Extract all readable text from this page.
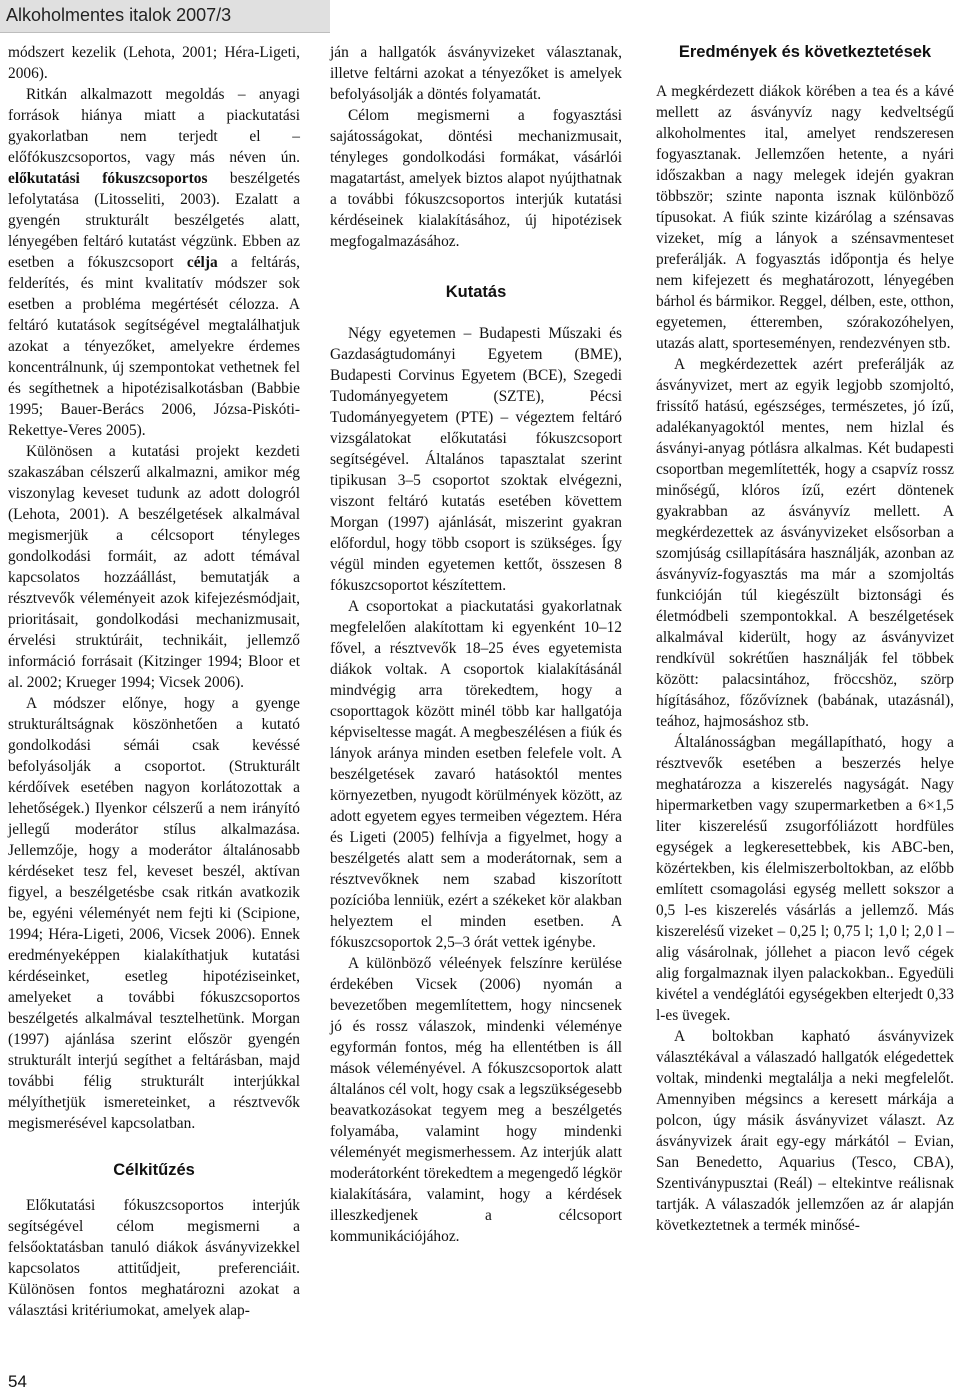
Alkoholmentes italok 2007/3

módszert kezelik (Lehota, 2001; Héra-Ligeti, 2006).

Ritkán alkalmazott megoldás – anyagi források hiánya miatt a piackutatási gyakorlatban nem terjedt el – előfókuszcsoportos, vagy más néven ún. előkutatási fókuszcsoportos beszélgetés lefolytatása (Litosseliti, 2003). Ezalatt a gyengén strukturált beszélgetés alatt, lényegében feltáró kutatást végzünk. Ebben az esetben a fókuszcsoport célja a feltárás, felderítés, és mint kvalitatív módszer sok esetben a probléma megértését célozza. A feltáró kutatások segítségével megtalálhatjuk azokat a tényezőket, amelyekre érdemes koncentrálnunk, új szempontokat vethetnek fel és segíthetnek a hipotézisalkotásban (Babbie 1995; Bauer-Berács 2006, Józsa-Piskóti-Rekettye-Veres 2005).

Különösen a kutatási projekt kezdeti szakaszában célszerű alkalmazni, amikor még viszonylag keveset tudunk az adott dologról (Lehota, 2001). A beszélgetések alkalmával megismerjük a célcsoport tényleges gondolkodási formáit, az adott témával kapcsolatos hozzáállást, bemutatják a résztvevők véleményeit azok kifejezésmódjait, prioritásait, gondolkodási mechanizmusait, érvelési struktúráit, technikáit, jellemző információ forrásait (Kitzinger 1994; Bloor et al. 2002; Krueger 1994; Vicsek 2006).

A módszer előnye, hogy a gyenge strukturáltságnak köszönhetően a kutató gondolkodási sémái csak kevéssé befolyásolják a csoportot. (Strukturált kérdőívek esetében nagyon korlátozottak a lehetőségek.) Ilyenkor célszerű a nem irányító jellegű moderátor stílus alkalmazása. Jellemzője, hogy a moderátor általánosabb kérdéseket tesz fel, keveset beszél, aktívan figyel, a beszélgetésbe csak ritkán avatkozik be, egyéni véleményét nem fejti ki (Scipione, 1994; Héra-Ligeti, 2006, Vicsek 2006). Ennek eredményeképpen kialakíthatjuk kutatási kérdéseinket, esetleg hipotéziseinket, amelyeket a további fókuszcsoportos beszélgetés alkalmával tesztelhetünk. Morgan (1997) ajánlása szerint először gyengén strukturált interjú segíthet a feltárásban, majd további félig strukturált interjúkkal mélyíthetjük ismereteinket, a résztvevők megismerésével kapcsolatban.

Célkitűzés

Előkutatási fókuszcsoportos interjúk segítségével célom megismerni a felsőoktatásban tanuló diákok ásványvizekkel kapcsolatos attitűdjeit, preferenciáit. Különösen fontos meghatározni azokat a választási kritériumokat, amelyek alap-

ján a hallgatók ásványvizeket választanak, illetve feltárni azokat a tényezőket is amelyek befolyásolják a döntés folyamatát.

Célom megismerni a fogyasztási sajátosságokat, döntési mechanizmusait, tényleges gondolkodási formákat, vásárlói magatartást, amelyek biztos alapot nyújthatnak a további fókuszcsoportos interjúk kutatási kérdéseinek kialakításához, új hipotézisek megfogalmazásához.

Kutatás

Négy egyetemen – Budapesti Műszaki és Gazdaságtudományi Egyetem (BME), Budapesti Corvinus Egyetem (BCE), Szegedi Tudományegyetem (SZTE), Pécsi Tudományegyetem (PTE) – végeztem feltáró vizsgálatokat előkutatási fókuszcsoport segítségével. Általános tapasztalat szerint tipikusan 3–5 csoportot szoktak elvégezni, viszont feltáró kutatás esetében követtem Morgan (1997) ajánlását, miszerint gyakran előfordul, hogy több csoport is szükséges. Így végül minden egyetemen kettőt, összesen 8 fókuszcsoportot készítettem.

A csoportokat a piackutatási gyakorlatnak megfelelően alakítottam ki egyenként 10–12 fővel, a résztvevők 18–25 éves egyetemista diákok voltak. A csoportok kialakításánál mindvégig arra törekedtem, hogy a csoporttagok között minél több kar hallgatója képviseltesse magát. A megbeszélésen a fiúk és lányok aránya minden esetben felefele volt. A beszélgetések zavaró hatásoktól mentes környezetben, nyugodt körülmények között, az adott egyetem egyes termeiben végeztem. Héra és Ligeti (2005) felhívja a figyelmet, hogy a beszélgetés alatt sem a moderátornak, sem a résztvevőknek nem szabad kiszorított pozícióba lenniük, ezért a székeket kör alakban helyeztem el minden esetben. A fókuszcsoportok 2,5–3 órát vettek igénybe.

A különböző véleények felszínre kerülése érdekében Vicsek (2006) nyomán a bevezetőben megemlítettem, hogy nincsenek jó és rossz válaszok, mindenki véleménye egyformán fontos, még ha ellentétben is áll mások véleményével. A fókuszcsoportok alatt általános cél volt, hogy csak a legszükségesebb beavatkozásokat tegyem meg a beszélgetés folyamába, valamint hogy mindenki véleményét megismerhessem. Az interjúk alatt moderátorként törekedtem a megengedő légkör kialakítására, valamint, hogy a kérdések illeszkedjenek a célcsoport kommunikációjához.

Eredmények és következtetések

A megkérdezett diákok körében a tea és a kávé mellett az ásványvíz nagy kedveltségű alkoholmentes ital, amelyet rendszeresen fogyasztanak. Jellemzően hetente, a nyári időszakban a nagy melegek idején gyakran többször; szinte naponta isznak különböző típusokat. A fiúk szinte kizárólag a szénsavas vizeket, míg a lányok a szénsavmenteset preferálják. A fogyasztás időpontja és helye nem kifejezett és meghatározott, lényegében bárhol és bármikor. Reggel, délben, este, otthon, egyetemen, étteremben, szórakozóhelyen, utazás alatt, sporteseményen, rendezvényen stb.

A megkérdezettek azért preferálják az ásványvizet, mert az egyik legjobb szomjoltó, frissítő hatású, egészséges, természetes, jó ízű, adalékanyagoktól mentes, nem hizlal és ásványi-anyag pótlásra alkalmas. Két budapesti csoportban megemlítették, hogy a csapvíz rossz minőségű, klóros ízű, ezért döntenek gyakrabban az ásványvíz mellett. A megkérdezettek az ásványvizeket elsősorban a szomjúság csillapítására használják, azonban az ásványvíz-fogyasztás ma már a szomjoltás funkcióján túl kiegészült biztonsági és életmódbeli szempontokkal. A beszélgetések alkalmával kiderült, hogy az ásványvizet rendkívül sokrétűen használják fel többek között: palacsintához, fröccshöz, szörp hígításához, főzővíznek (babának, utazásnál), teához, hajmosáshoz stb.

Általánosságban megállapítható, hogy a résztvevők esetében a beszerzés helye meghatározza a kiszerelés nagyságát. Nagy hipermarketben vagy szupermarketben a 6×1,5 liter kiszerelésű zsugorfóliázott hordfüles egységek a legkeresettebbek, kis ABC-ben, közértekben, kis élelmiszerboltokban, az előbb említett csomagolási egység mellett sokszor a 0,5 l-es kiszerelés vásárlás a jellemző. Más kiszerelésű vizeket – 0,25 l; 0,75 l; 1,0 l; 2,0 l – alig vásárolnak, jóllehet a piacon levő cégek alig forgalmaznak ilyen palackokban.. Egyedüli kivétel a vendéglátói egységekben elterjedt 0,33 l-es üvegek.

A boltokban kapható ásványvizek választékával a válaszadó hallgatók elégedettek voltak, mindenki megtalálja a neki megfelelőt. Amennyiben mégsincs a keresett márkája a polcon, úgy másik ásványvizet választ. Az ásványvizek árait egy-egy márkától – Evian, San Benedetto, Aquarius (Tesco, CBA), Szentiványpusztai (Reál) – eltekintve reálisnak tartják. A válaszadók jellemzően az ár alapján következtetnek a termék minősé-

54
